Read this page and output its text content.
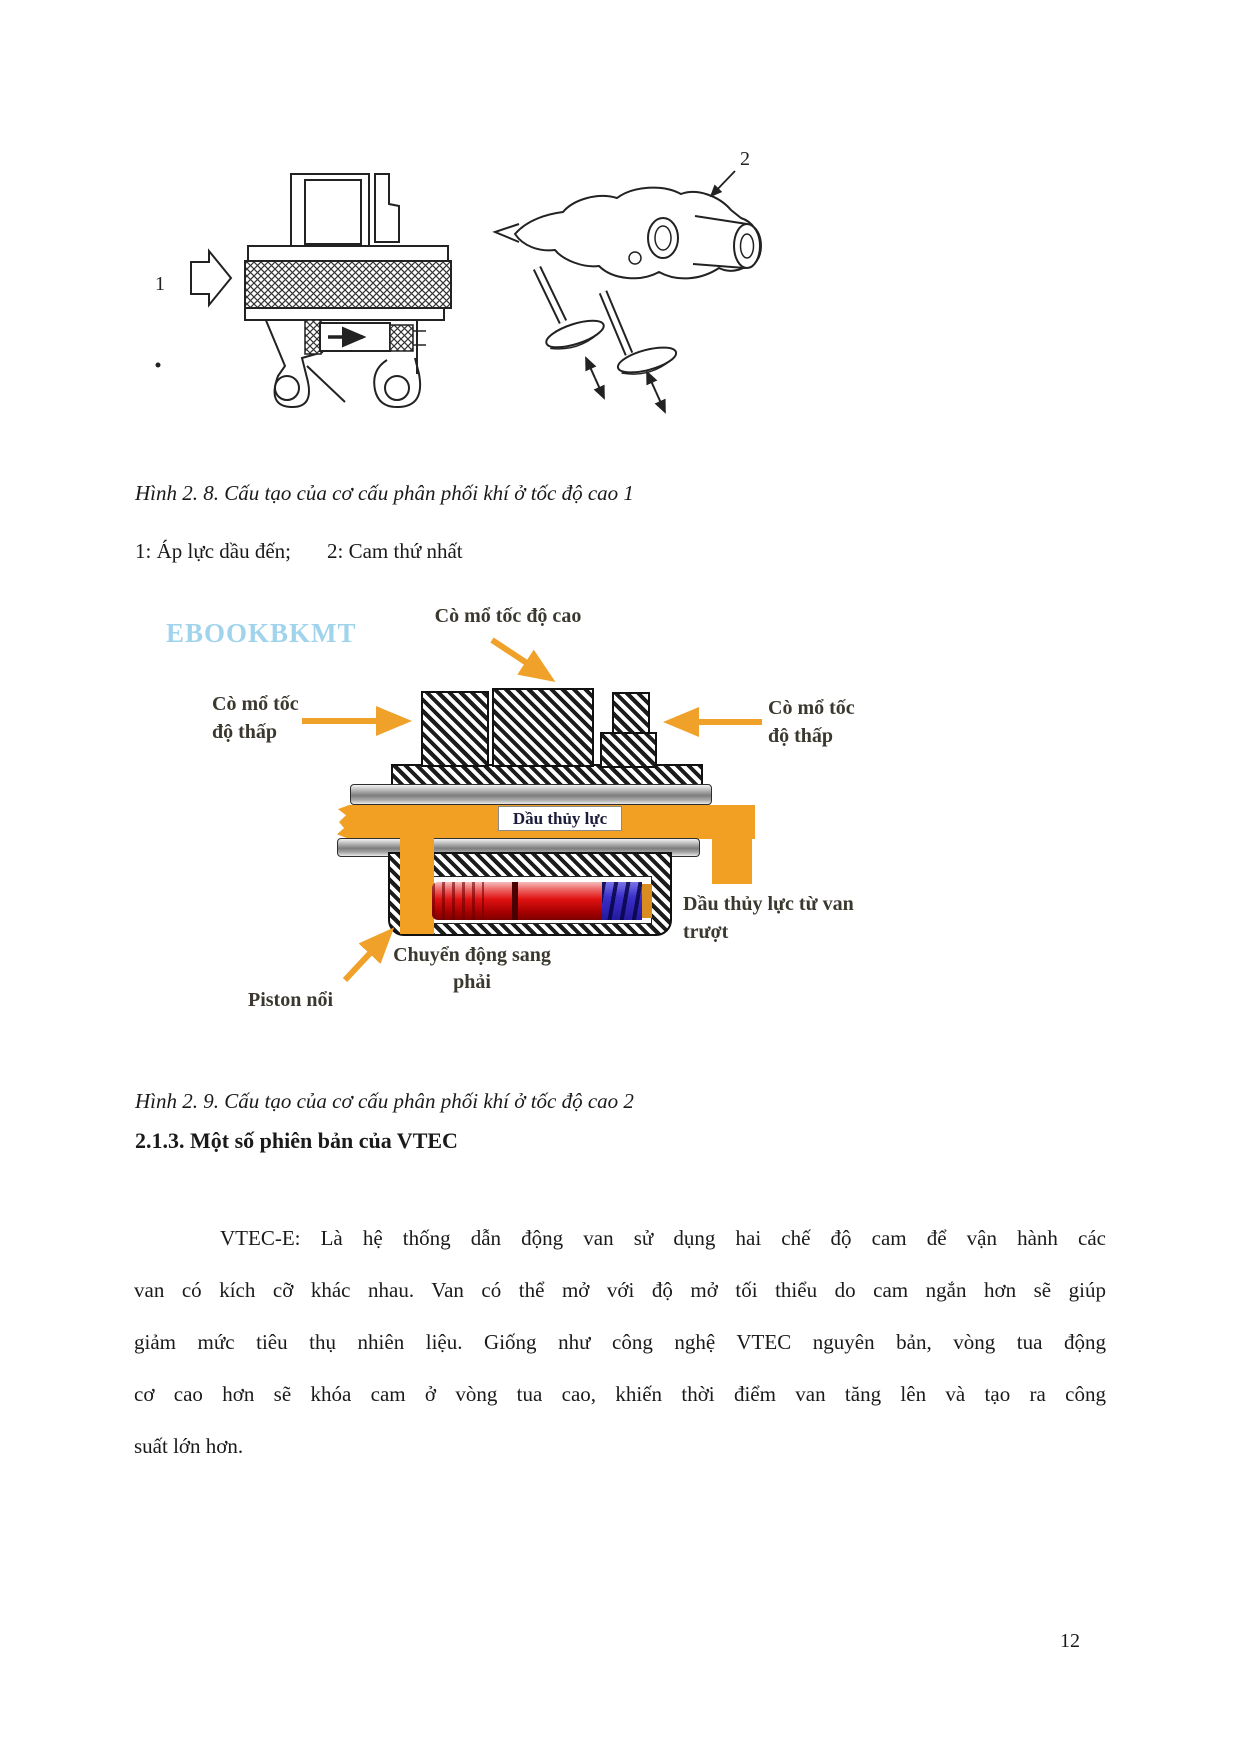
1
2

Hình 2. 8. Cấu tạo của cơ cấu phân phối khí ở tốc độ cao 1

1: Áp lực dầu đến; 2: Cam thứ nhất

EBOOKBKMT
Dầu thủy lực
Cò mổ tốc độ cao
Cò mổ tốc
độ thấp
Cò mổ tốc
độ thấp
Dầu thủy lực từ van
trượt
Chuyển động sang
phải
Piston nổi

Hình 2. 9. Cấu tạo của cơ cấu phân phối khí ở tốc độ cao 2

2.1.3. Một số phiên bản của VTEC
VTEC-E: Là hệ thống dẫn động van sử dụng hai chế độ cam để vận hành các
van có kích cỡ khác nhau. Van có thể mở với độ mở tối thiểu do cam ngắn hơn sẽ giúp
giảm mức tiêu thụ nhiên liệu. Giống như công nghệ VTEC nguyên bản, vòng tua động
cơ cao hơn sẽ khóa cam ở vòng tua cao, khiến thời điểm van tăng lên và tạo ra công
suất lớn hơn.
12
